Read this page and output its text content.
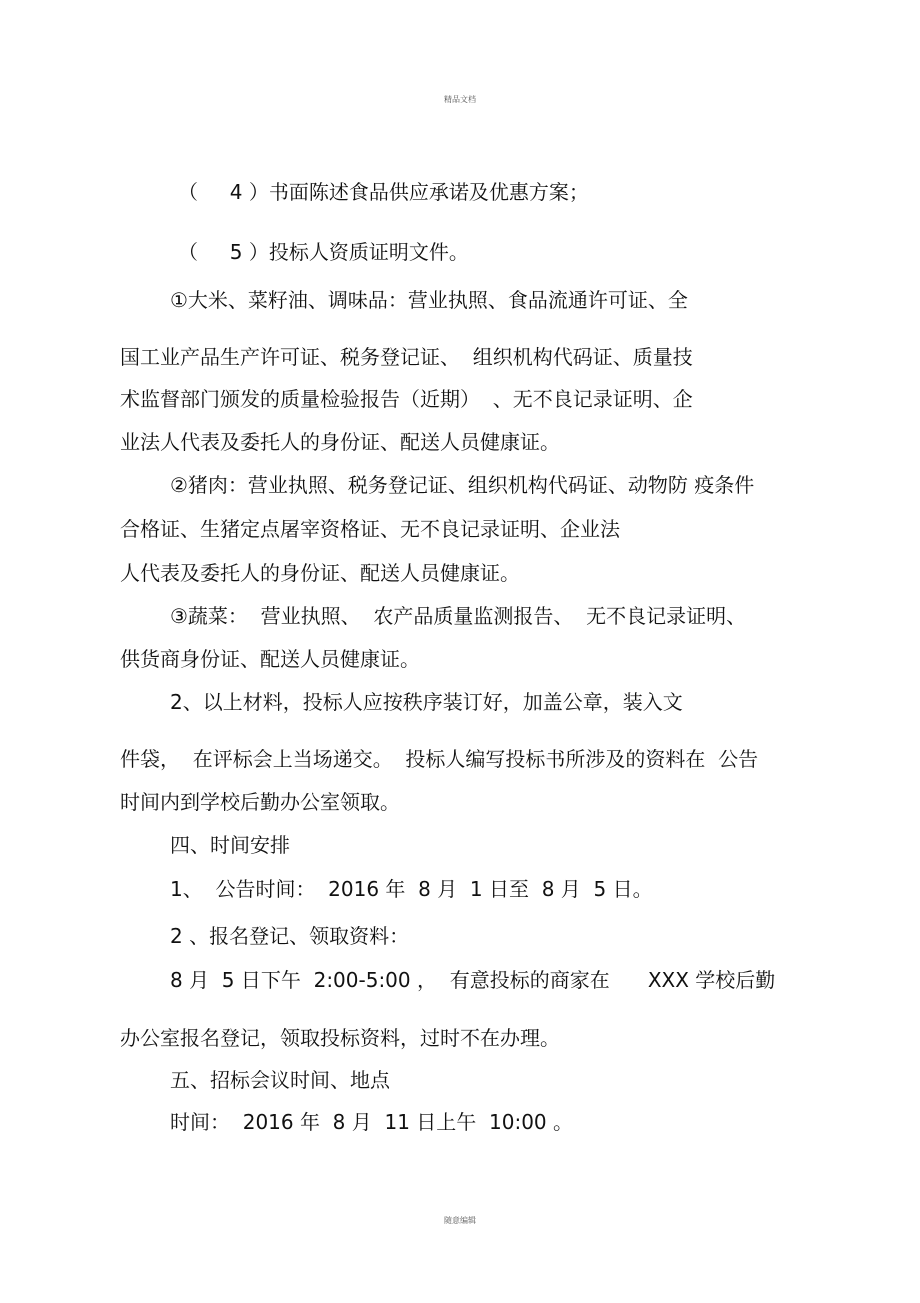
精品文档
（     4 ）书面陈述食品供应承诺及优惠方案；
（     5 ）投标人资质证明文件。
①大米、菜籽油、调味品：营业执照、食品流通许可证、全
国工业产品生产许可证、税务登记证、  组织机构代码证、质量技
术监督部门颁发的质量检验报告（近期）  、无不良记录证明、企
业法人代表及委托人的身份证、配送人员健康证。
②猪肉：营业执照、税务登记证、组织机构代码证、动物防 疫条件
合格证、生猪定点屠宰资格证、无不良记录证明、企业法
人代表及委托人的身份证、配送人员健康证。
③蔬菜：  营业执照、  农产品质量监测报告、  无不良记录证明、
供货商身份证、配送人员健康证。
2、以上材料，投标人应按秩序装订好，加盖公章，装入文
件袋，  在评标会上当场递交。  投标人编写投标书所涉及的资料在  公告
时间内到学校后勤办公室领取。
四、时间安排
1、  公告时间：  2016 年  8 月  1 日至  8 月  5 日。
2 、报名登记、领取资料：
8 月  5 日下午  2:00-5:00 ，  有意投标的商家在      XXX 学校后勤
办公室报名登记，领取投标资料，过时不在办理。
五、招标会议时间、地点
时间：  2016 年  8 月  11 日上午  10:00 。
随意编辑
